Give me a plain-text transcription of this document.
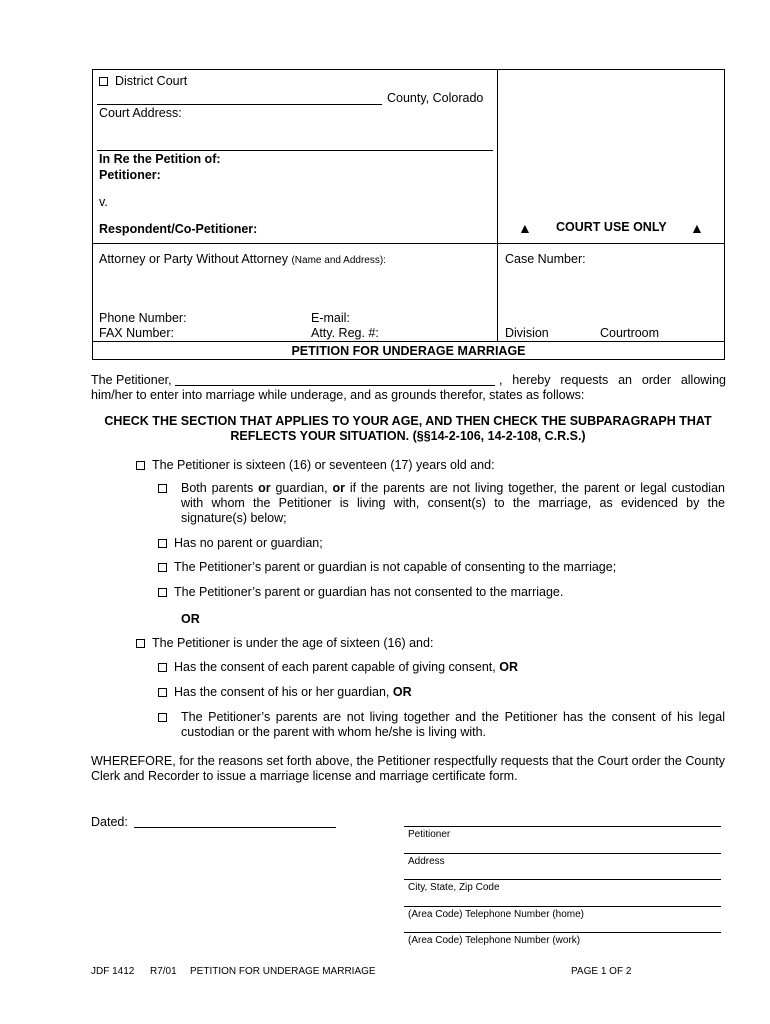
District Court
County, Colorado
Court Address:
In Re the Petition of:
Petitioner:
v.
Respondent/Co-Petitioner:	▲ COURT USE ONLY ▲
Attorney or Party Without Attorney (Name and Address):	Case Number:
Phone Number:	E-mail:
FAX Number:	Atty. Reg. #:	Division	Courtroom
PETITION FOR UNDERAGE MARRIAGE
The Petitioner,	, hereby requests an order allowing
him/her to enter into marriage while underage, and as grounds therefor, states as follows:
CHECK THE SECTION THAT APPLIES TO YOUR AGE, AND THEN CHECK THE SUBPARAGRAPH THAT REFLECTS YOUR SITUATION. (§§14-2-106, 14-2-108, C.R.S.)
The Petitioner is sixteen (16) or seventeen (17) years old and:
Both parents or guardian, or if the parents are not living together, the parent or legal custodian with whom the Petitioner is living with, consent(s) to the marriage, as evidenced by the signature(s) below;
Has no parent or guardian;
The Petitioner’s parent or guardian is not capable of consenting to the marriage;
The Petitioner’s parent or guardian has not consented to the marriage.
OR
The Petitioner is under the age of sixteen (16) and:
Has the consent of each parent capable of giving consent, OR
Has the consent of his or her guardian, OR
The Petitioner’s parents are not living together and the Petitioner has the consent of his legal custodian or the parent with whom he/she is living with.
WHEREFORE, for the reasons set forth above, the Petitioner respectfully requests that the Court order the County Clerk and Recorder to issue a marriage license and marriage certificate form.
Dated:
Petitioner
Address
City, State, Zip Code
(Area Code) Telephone Number (home)
(Area Code) Telephone Number (work)
JDF 1412 R7/01 PETITION FOR UNDERAGE MARRIAGE	PAGE 1 OF 2
